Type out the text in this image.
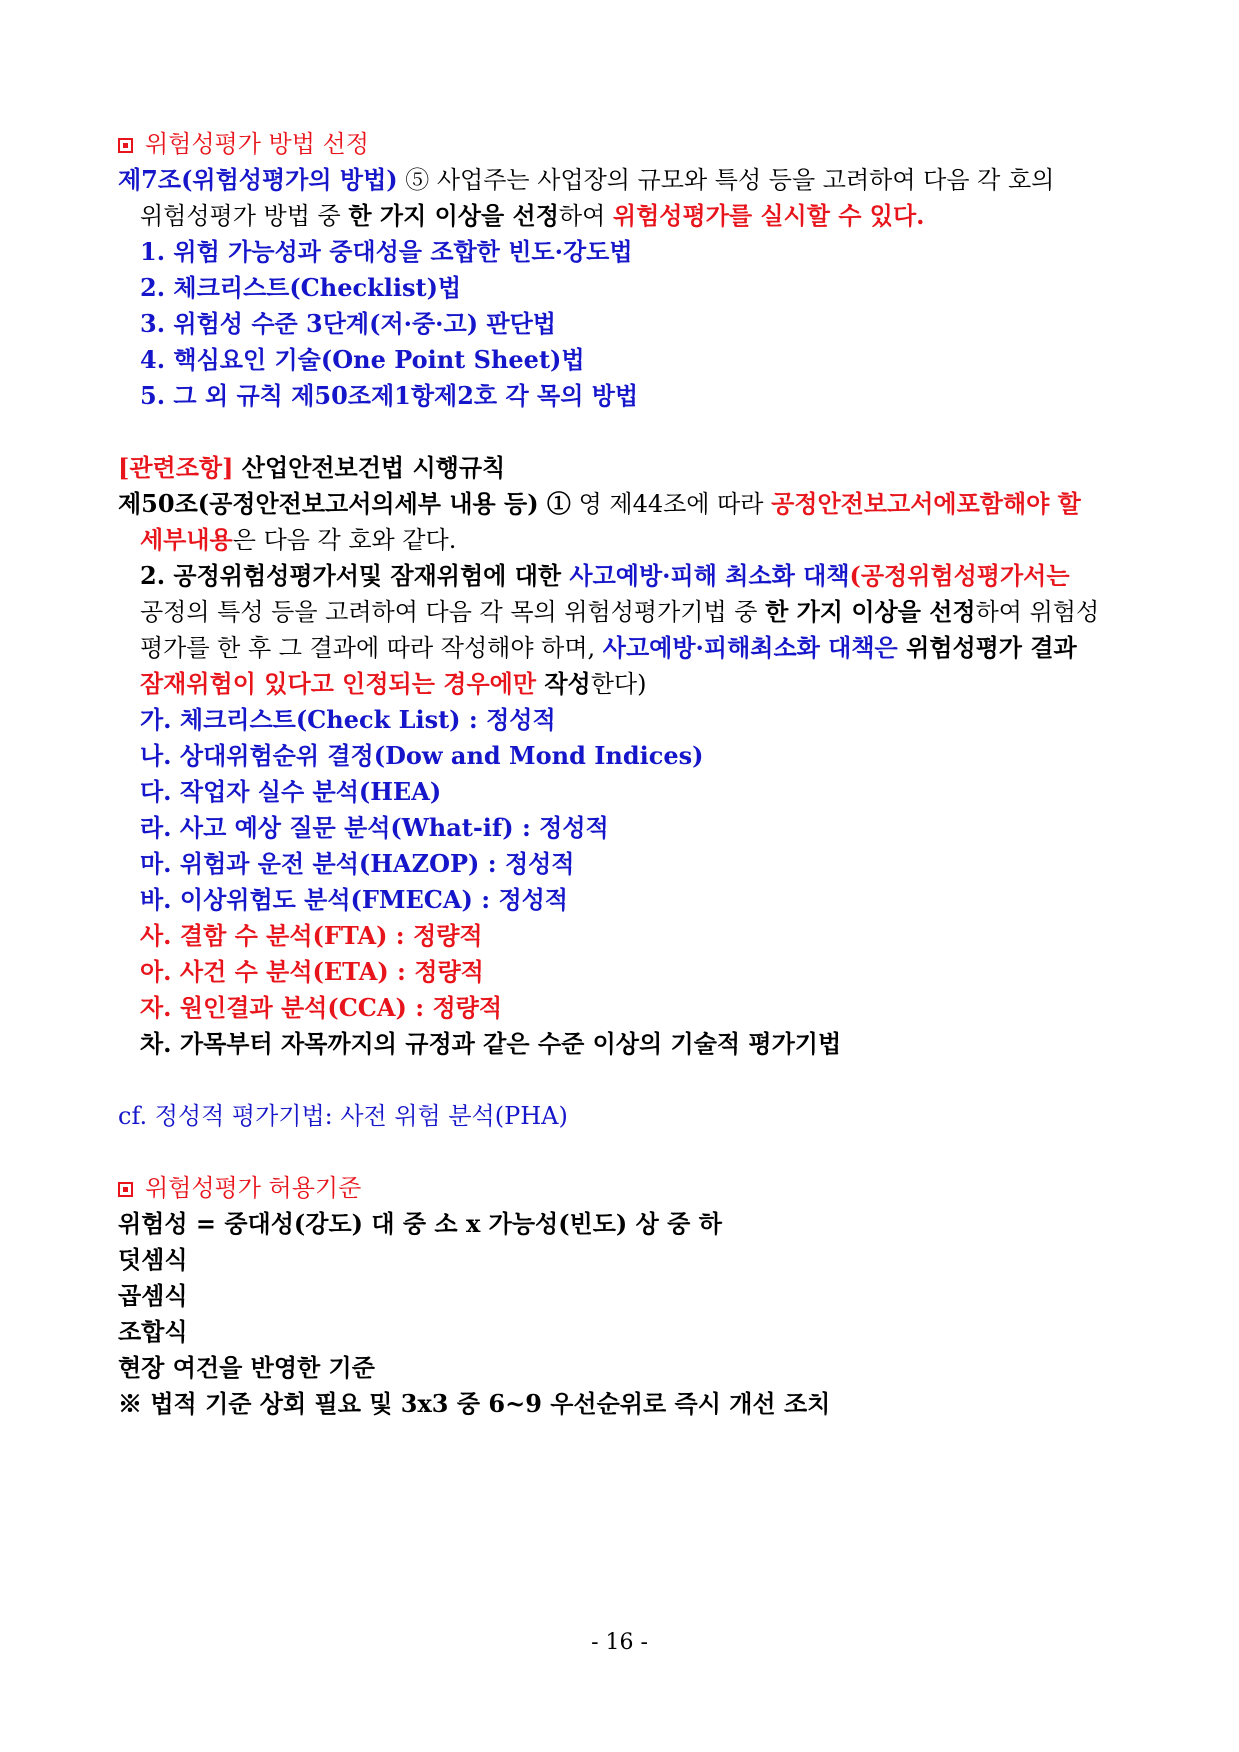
위험성평가 방법 선정
제7조(위험성평가의 방법) ⑤ 사업주는 사업장의 규모와 특성 등을 고려하여 다음 각 호의
위험성평가 방법 중 한 가지 이상을 선정하여 위험성평가를 실시할 수 있다.
1. 위험 가능성과 중대성을 조합한 빈도·강도법
2. 체크리스트(Checklist)법
3. 위험성 수준 3단계(저·중·고) 판단법
4. 핵심요인 기술(One Point Sheet)법
5. 그 외 규칙 제50조제1항제2호 각 목의 방법
[관련조항] 산업안전보건법 시행규칙
제50조(공정안전보고서의세부 내용 등) ① 영 제44조에 따라 공정안전보고서에포함해야 할
세부내용은 다음 각 호와 같다.
2. 공정위험성평가서및 잠재위험에 대한 사고예방·피해 최소화 대책(공정위험성평가서는
공정의 특성 등을 고려하여 다음 각 목의 위험성평가기법 중 한 가지 이상을 선정하여 위험성
평가를 한 후 그 결과에 따라 작성해야 하며, 사고예방·피해최소화 대책은 위험성평가 결과
잠재위험이 있다고 인정되는 경우에만 작성한다)
가. 체크리스트(Check List) : 정성적
나. 상대위험순위 결정(Dow and Mond Indices)
다. 작업자 실수 분석(HEA)
라. 사고 예상 질문 분석(What-if) : 정성적
마. 위험과 운전 분석(HAZOP) : 정성적
바. 이상위험도 분석(FMECA) : 정성적
사. 결함 수 분석(FTA) : 정량적
아. 사건 수 분석(ETA) : 정량적
자. 원인결과 분석(CCA) : 정량적
차. 가목부터 자목까지의 규정과 같은 수준 이상의 기술적 평가기법
cf. 정성적 평가기법: 사전 위험 분석(PHA)
위험성평가 허용기준
위험성 = 중대성(강도) 대 중 소 x 가능성(빈도) 상 중 하
덧셈식
곱셈식
조합식
현장 여건을 반영한 기준
※ 법적 기준 상회 필요 및 3x3 중 6~9 우선순위로 즉시 개선 조치
- 16 -
